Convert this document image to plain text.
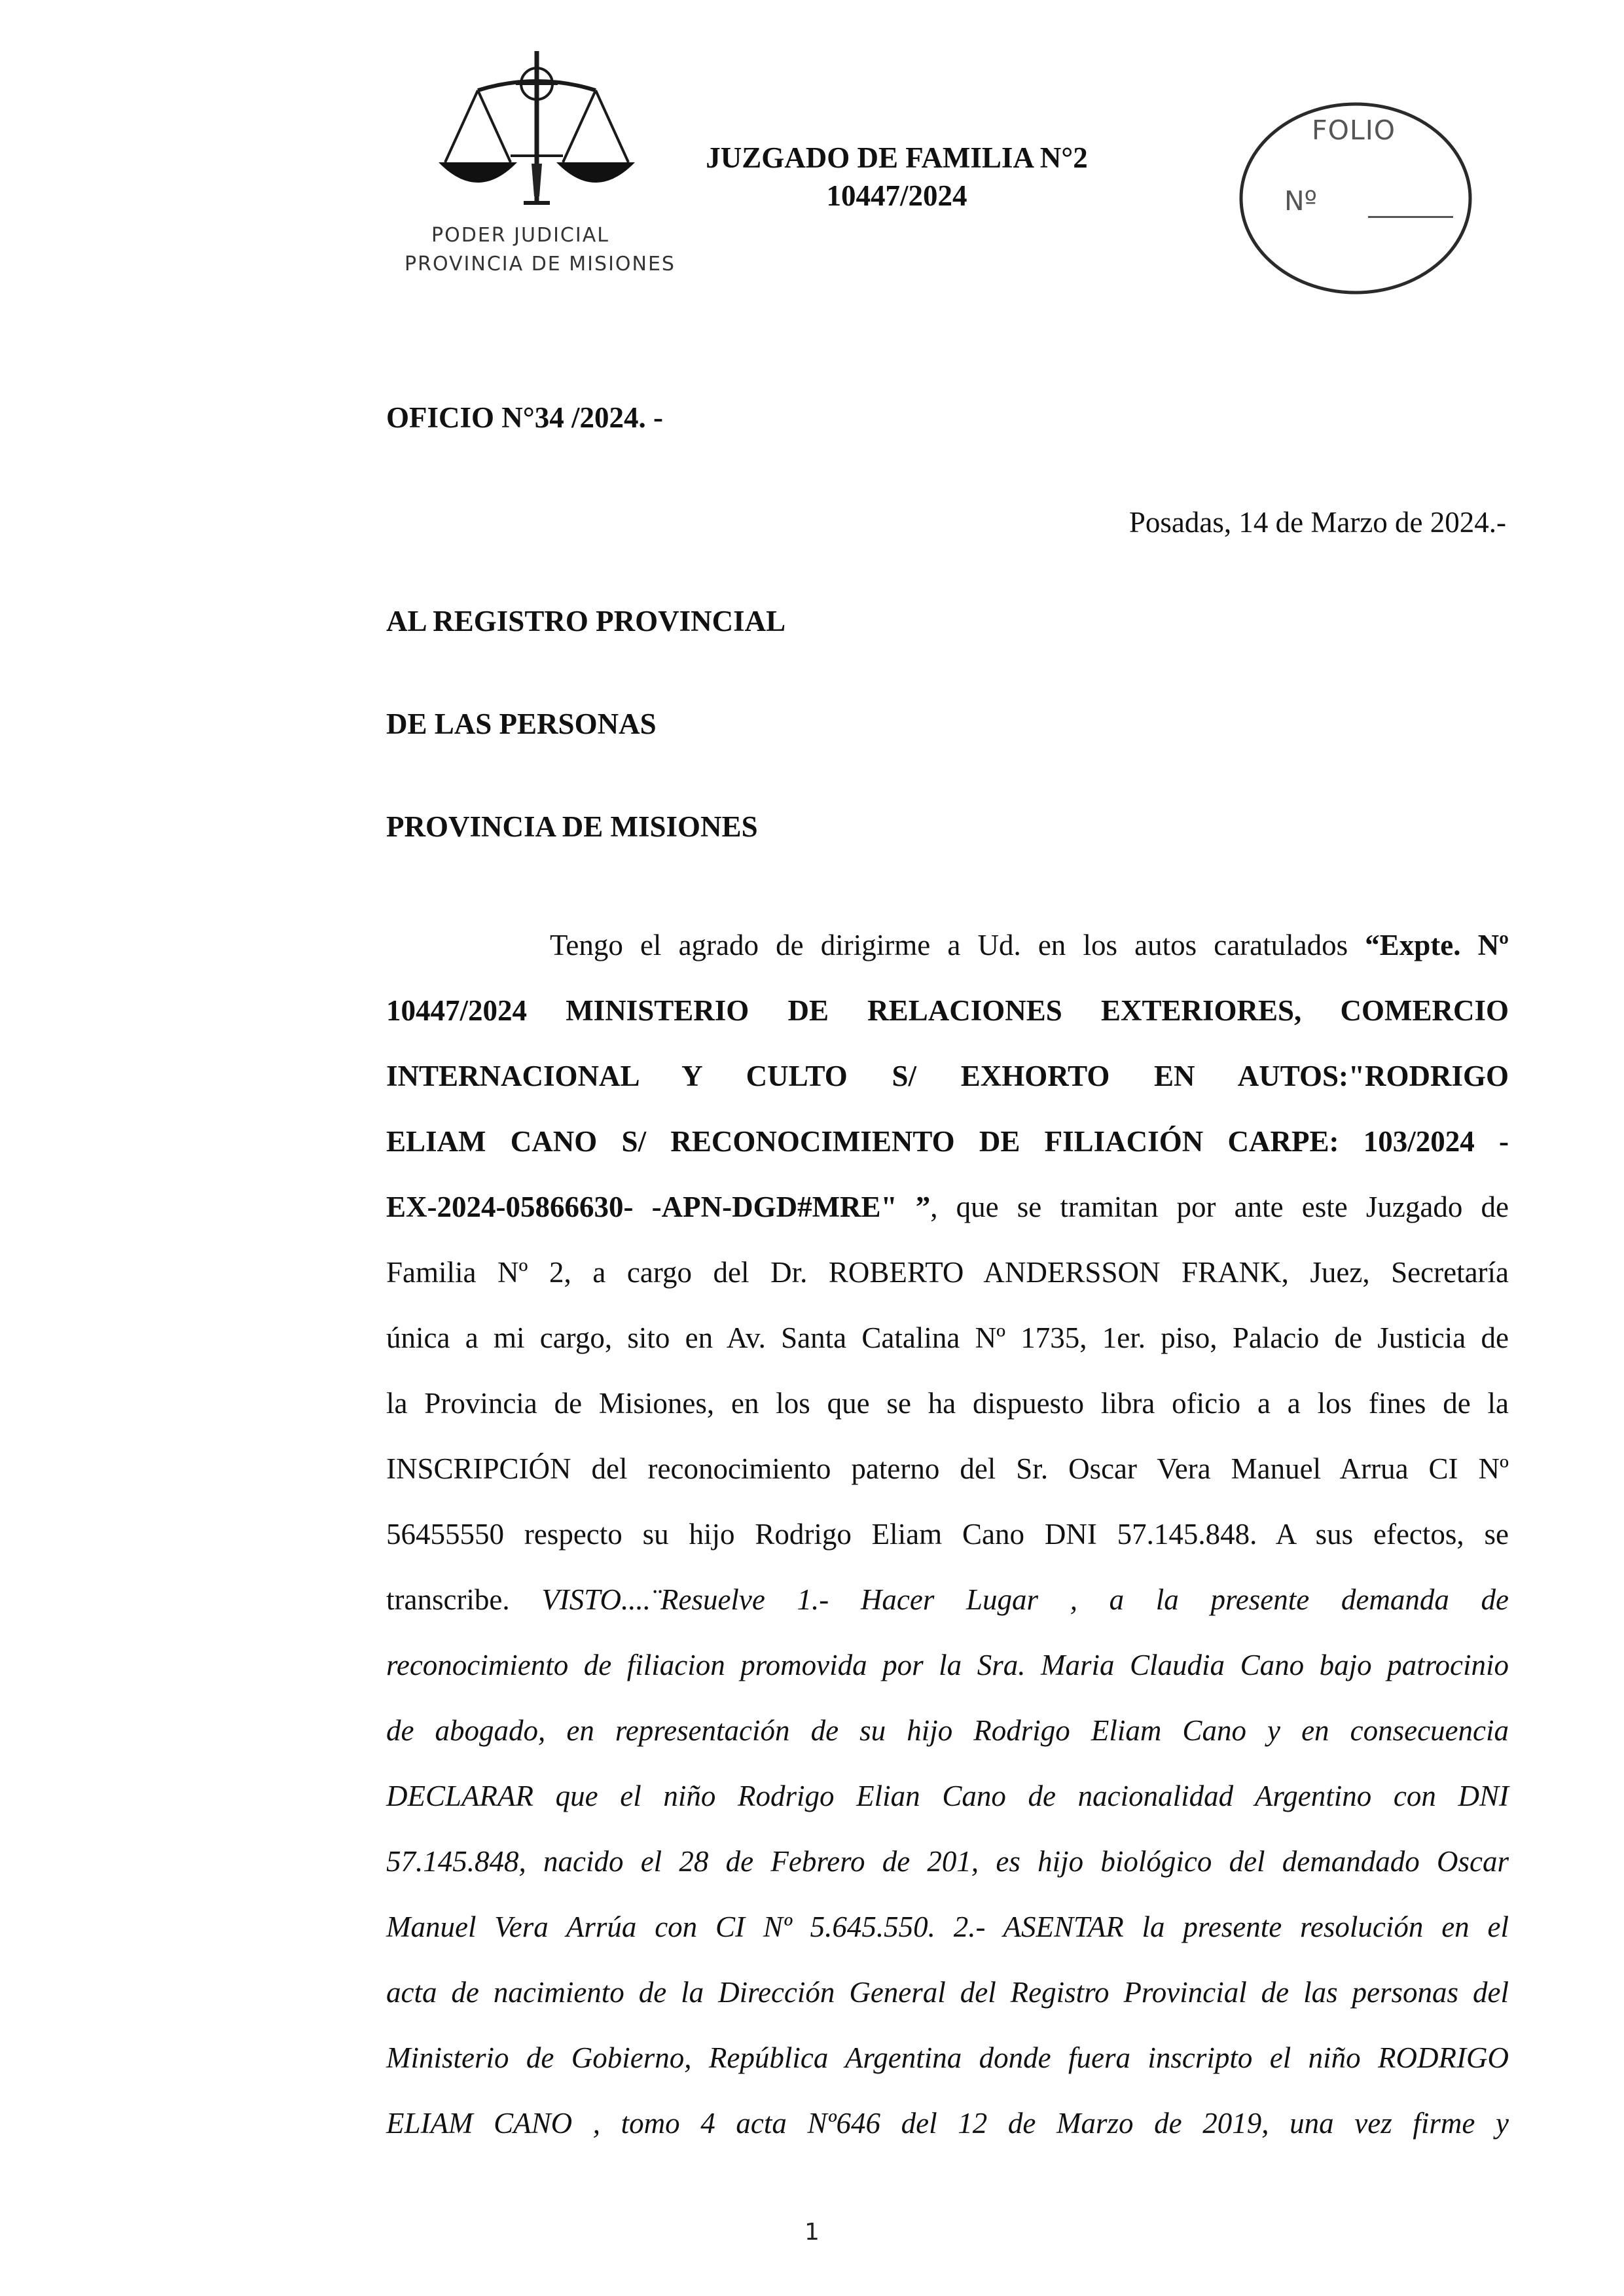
PODER JUDICIAL
PROVINCIA DE MISIONES
JUZGADO DE FAMILIA N°2
10447/2024
FOLIO
Nº
OFICIO N°34 /2024. -
Posadas, 14 de Marzo de 2024.-
AL REGISTRO PROVINCIAL
DE LAS PERSONAS
PROVINCIA DE MISIONES
Tengo el agrado de dirigirme a Ud. en los autos caratulados “Expte. Nº
10447/2024 MINISTERIO DE RELACIONES EXTERIORES, COMERCIO
INTERNACIONAL Y CULTO S/ EXHORTO EN AUTOS:"RODRIGO
ELIAM CANO S/ RECONOCIMIENTO DE FILIACIÓN CARPE: 103/2024 -
EX-2024-05866630- -APN-DGD#MRE" ”, que se tramitan por ante este Juzgado de
Familia Nº 2, a cargo del Dr. ROBERTO ANDERSSON FRANK, Juez, Secretaría
única a mi cargo, sito en Av. Santa Catalina Nº 1735, 1er. piso, Palacio de Justicia de
la Provincia de Misiones, en los que se ha dispuesto libra oficio a a los fines de la
INSCRIPCIÓN del reconocimiento paterno del Sr. Oscar Vera Manuel Arrua CI Nº
56455550 respecto su hijo Rodrigo Eliam Cano DNI 57.145.848. A sus efectos, se
transcribe. VISTO....¨Resuelve 1.- Hacer Lugar , a la presente demanda de
reconocimiento de filiacion promovida por la Sra. Maria Claudia Cano bajo patrocinio
de abogado, en representación de su hijo Rodrigo Eliam Cano y en consecuencia
DECLARAR que el niño Rodrigo Elian Cano de nacionalidad Argentino con DNI
57.145.848, nacido el 28 de Febrero de 201, es hijo biológico del demandado Oscar
Manuel Vera Arrúa con CI Nº 5.645.550. 2.- ASENTAR la presente resolución en el
acta de nacimiento de la Dirección General del Registro Provincial de las personas del
Ministerio de Gobierno, República Argentina donde fuera inscripto el niño RODRIGO
ELIAM CANO , tomo 4 acta Nº646 del 12 de Marzo de 2019, una vez firme y
1
